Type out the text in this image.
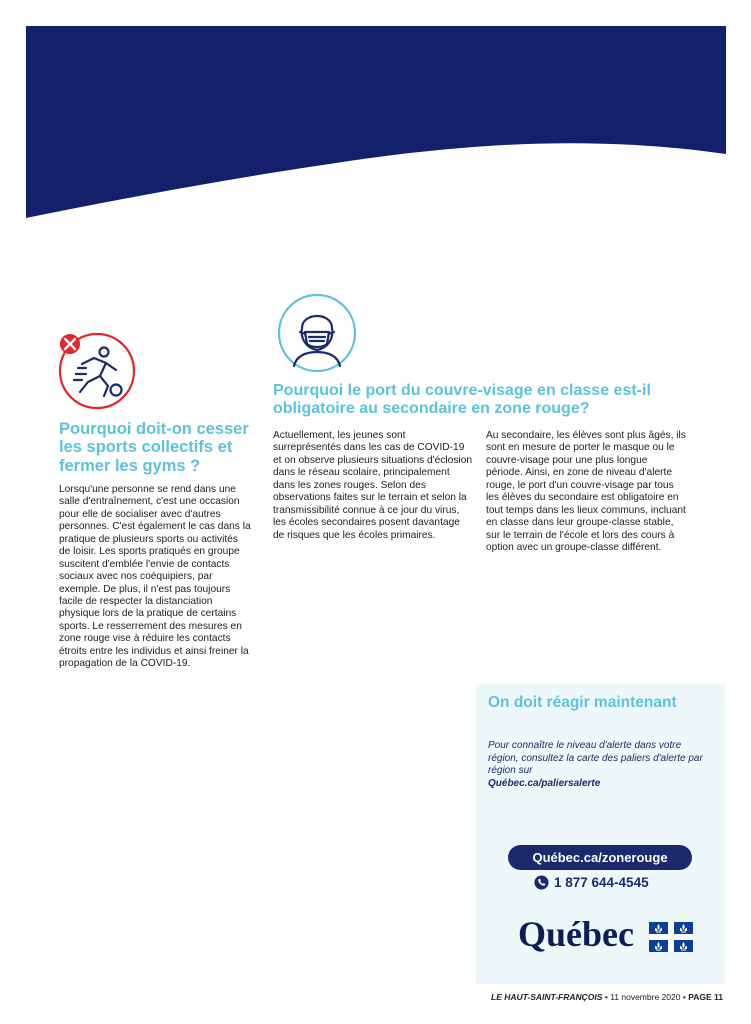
Pourquoi doit-on cesser les sports collectifs et fermer les gyms ?

Lorsqu'une personne se rend dans une salle d'entraînement, c'est une occasion pour elle de socialiser avec d'autres personnes. C'est également le cas dans la pratique de plusieurs sports ou activités de loisir. Les sports pratiqués en groupe suscitent d'emblée l'envie de contacts sociaux avec nos coéquipiers, par exemple. De plus, il n'est pas toujours facile de respecter la distanciation physique lors de la pratique de certains sports. Le resserrement des mesures en zone rouge vise à réduire les contacts étroits entre les individus et ainsi freiner la propagation de la COVID-19.

Pourquoi le port du couvre-visage en classe est-il obligatoire au secondaire en zone rouge?

Actuellement, les jeunes sont surreprésentés dans les cas de COVID-19 et on observe plusieurs situations d'éclosion dans le réseau scolaire, principalement dans les zones rouges. Selon des observations faites sur le terrain et selon la transmissibilité connue à ce jour du virus, les écoles secondaires posent davantage de risques que les écoles primaires.

Au secondaire, les élèves sont plus âgés, ils sont en mesure de porter le masque ou le couvre-visage pour une plus longue période. Ainsi, en zone de niveau d'alerte rouge, le port d'un couvre-visage par tous les élèves du secondaire est obligatoire en tout temps dans les lieux communs, incluant en classe dans leur groupe-classe stable, sur le terrain de l'école et lors des cours à option avec un groupe-classe différent.

On doit réagir maintenant
Pour connaître le niveau d'alerte dans votre région, consultez la carte des paliers d'alerte par région sur
Québec.ca/paliersalerte
Québec.ca/zonerouge
1 877 644-4545
Québec
LE HAUT-SAINT-FRANÇOIS • 11 novembre 2020 • PAGE 11
